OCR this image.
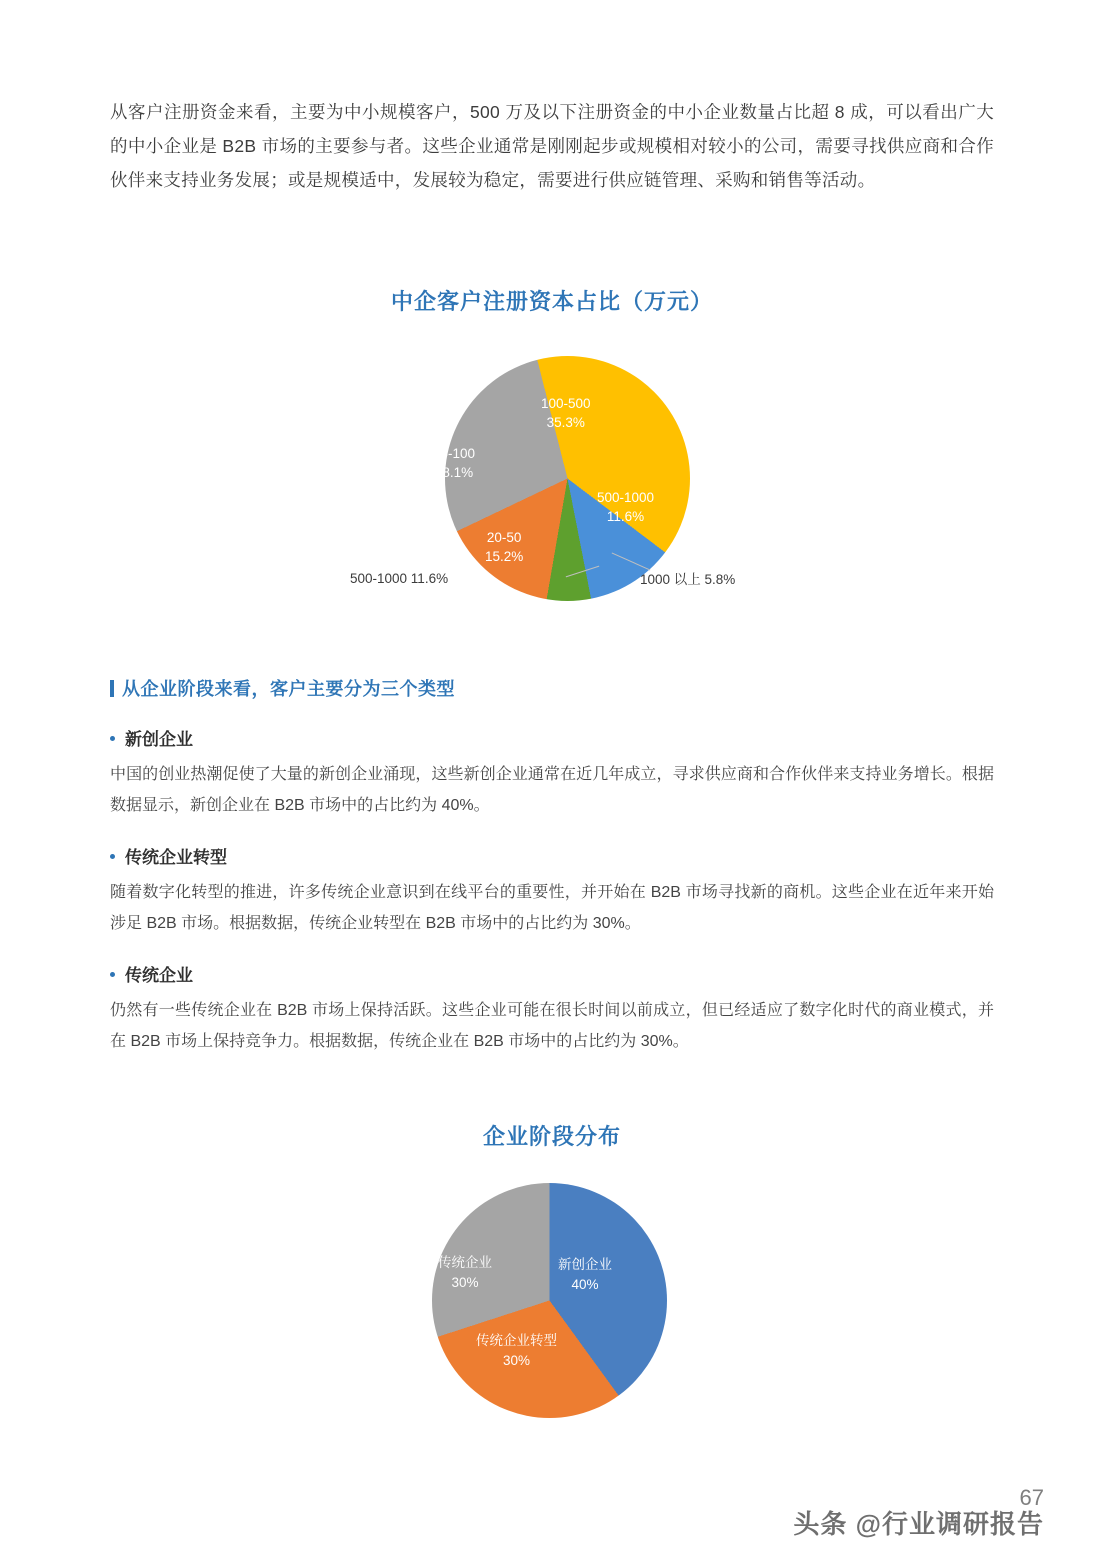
从客户注册资金来看，主要为中小规模客户，500 万及以下注册资金的中小企业数量占比超 8 成，可以看出广大的中小企业是 B2B 市场的主要参与者。这些企业通常是刚刚起步或规模相对较小的公司，需要寻找供应商和合作伙伴来支持业务发展；或是规模适中，发展较为稳定，需要进行供应链管理、采购和销售等活动。

中企客户注册资本占比（万元）
100-500
35.3%
500-1000
11.6%
50-100
28.1%
20-50
15.2%
500-1000 11.6%	1000 以上 5.8%
从企业阶段来看，客户主要分为三个类型
新创企业
中国的创业热潮促使了大量的新创企业涌现，这些新创企业通常在近几年成立，寻求供应商和合作伙伴来支持业务增长。根据数据显示，新创企业在 B2B 市场中的占比约为 40%。
传统企业转型
随着数字化转型的推进，许多传统企业意识到在线平台的重要性，并开始在 B2B 市场寻找新的商机。这些企业在近年来开始涉足 B2B 市场。根据数据，传统企业转型在 B2B 市场中的占比约为 30%。
传统企业
仍然有一些传统企业在 B2B 市场上保持活跃。这些企业可能在很长时间以前成立，但已经适应了数字化时代的商业模式，并在 B2B 市场上保持竞争力。根据数据，传统企业在 B2B 市场中的占比约为 30%。
企业阶段分布
新创企业
40%
传统企业转型
30%
传统企业
30%
67
头条 @行业调研报告
